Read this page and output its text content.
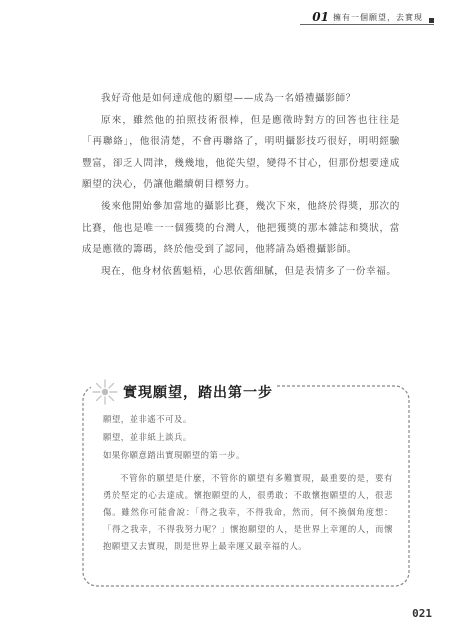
01 擁有一個願望，去實現

我好奇他是如何達成他的願望——成為一名婚禮攝影師？

原來，雖然他的拍照技術很棒，但是應徵時對方的回答也往往是「再聯絡」，他很清楚，不會再聯絡了，明明攝影技巧很好，明明經驗豐富，卻乏人問津，幾幾地，他從失望，變得不甘心，但那份想要達成願望的決心，仍讓他繼續朝目標努力。

後來他開始參加當地的攝影比賽，幾次下來，他終於得獎，那次的比賽，他也是唯一一個獲獎的台灣人，他把獲獎的那本雜誌和獎狀，當成是應徵的籌碼，終於他受到了認同，他將請為婚禮攝影師。

現在，他身材依舊魁梧，心思依舊細膩，但是表情多了一份幸福。

實現願望，踏出第一步

願望，並非遙不可及。

願望，並非紙上談兵。

如果你願意踏出實現願望的第一步。

不管你的願望是什麼，不管你的願望有多難實現，最重要的是，要有勇於堅定的心去達成。懷抱願望的人，很勇敢；不敢懷抱願望的人，很悲傷。雖然你可能會說：「得之我幸，不得我命，然而，何不換個角度想：「得之我幸，不得我努力呢？」懷抱願望的人，是世界上幸運的人，而懷抱願望又去實現，則是世界上最幸運又最幸福的人。

021
